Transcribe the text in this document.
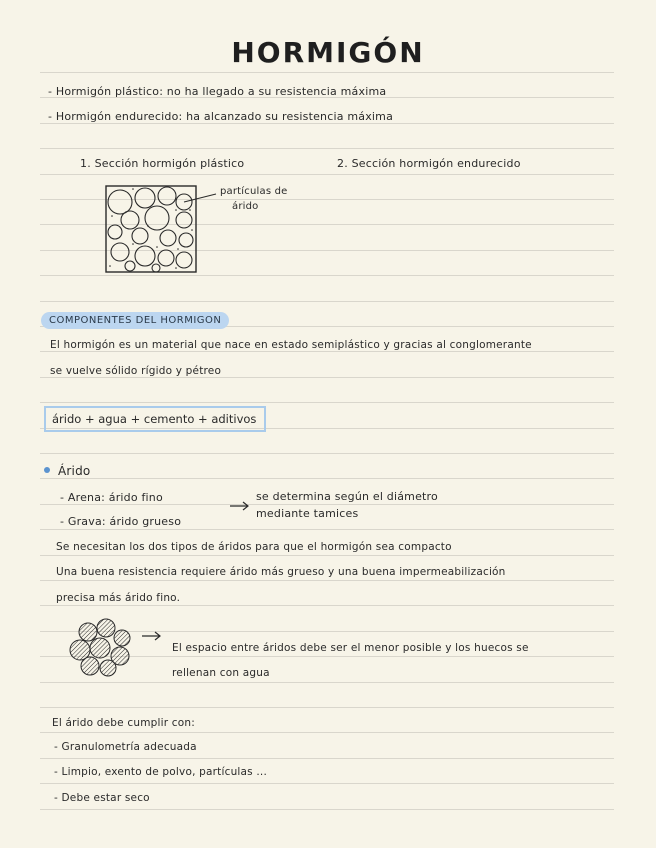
HORMIGÓN
- Hormigón plástico: no ha llegado a su resistencia máxima
- Hormigón endurecido: ha alcanzado su resistencia máxima
1. Sección hormigón plástico	2. Sección hormigón endurecido
partículas de
árido
COMPONENTES DEL HORMIGON
El hormigón es un material que nace en estado semiplástico y gracias al conglomerante
se vuelve sólido rígido y pétreo
árido + agua + cemento + aditivos
Árido
- Arena: árido fino
- Grava: árido grueso
se determina según el diámetro
mediante tamices
Se necesitan los dos tipos de áridos para que el hormigón sea compacto
Una buena resistencia requiere árido más grueso y una buena impermeabilización
precisa más árido fino.
El espacio entre áridos debe ser el menor posible y los huecos se
rellenan con agua
El árido debe cumplir con:
- Granulometría adecuada
- Limpio, exento de polvo, partículas ...
- Debe estar seco
